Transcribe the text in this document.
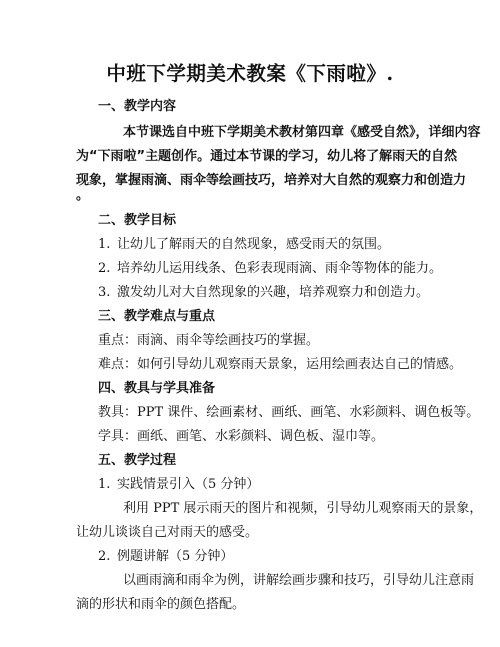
中班下学期美术教案《下雨啦》.
一、教学内容
本节课选自中班下学期美术教材第四章《感受自然》，详细内容
为“下雨啦”主题创作。通过本节课的学习，幼儿将了解雨天的自然
现象，掌握雨滴、雨伞等绘画技巧，培养对大自然的观察力和创造力
。
二、教学目标
1. 让幼儿了解雨天的自然现象，感受雨天的氛围。
2. 培养幼儿运用线条、色彩表现雨滴、雨伞等物体的能力。
3. 激发幼儿对大自然现象的兴趣，培养观察力和创造力。
三、教学难点与重点
重点：雨滴、雨伞等绘画技巧的掌握。
难点：如何引导幼儿观察雨天景象，运用绘画表达自己的情感。
四、教具与学具准备
教具：PPT 课件、绘画素材、画纸、画笔、水彩颜料、调色板等。
学具：画纸、画笔、水彩颜料、调色板、湿巾等。
五、教学过程
1. 实践情景引入（5 分钟）
利用 PPT 展示雨天的图片和视频，引导幼儿观察雨天的景象，
让幼儿谈谈自己对雨天的感受。
2. 例题讲解（5 分钟）
以画雨滴和雨伞为例，讲解绘画步骤和技巧，引导幼儿注意雨
滴的形状和雨伞的颜色搭配。
